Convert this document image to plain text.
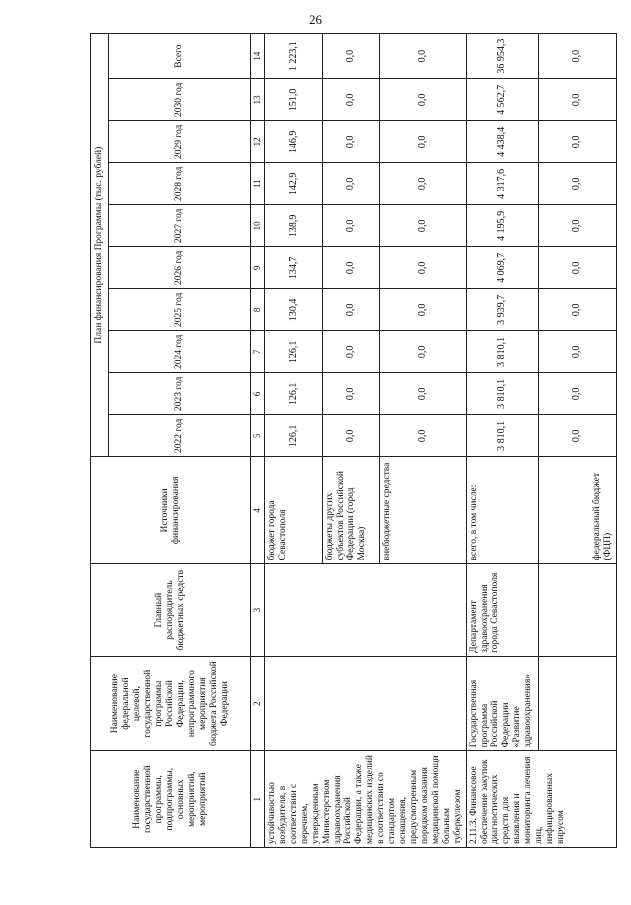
26
Наименование государственной программы, подпрограммы, основных мероприятий, мероприятий	Наименование федеральной целевой, государственной программы Российской Федерации, непрограммного мероприятия бюджета Российской Федерации	Главный распорядитель бюджетных средств	Источники финансирования	План финансирования Программы (тыс. рублей)									
				2022 год	2023 год	2024 год	2025 год	2026 год	2027 год	2028 год	2029 год	2030 год	Всего
1	2	3	4	5	6	7	8	9	10	11	12	13	14
устойчивостью возбудителя, в соответствии с перечнем, утвержденным Министерством здравоохранения Российской Федерации, а также медицинских изделий в соответствии со стандартом оснащения, предусмотренным порядком оказания медицинской помощи больным туберкулезом			бюджет города Севастополя	126,1	126,1	126,1	130,4	134,7	138,9	142,9	146,9	151,0	1 223,1
			бюджеты других субъектов Российской Федерации (город Москва)	0,0	0,0	0,0	0,0	0,0	0,0	0,0	0,0	0,0	0,0
			внебюджетные средства	0,0	0,0	0,0	0,0	0,0	0,0	0,0	0,0	0,0	0,0
2.11.3. Финансовое обеспечение закупок диагностических средств для выявления и мониторинга лечения лиц, инфицированных вирусом	Государственная программа Российской Федерации «Развитие здравоохранения»	Департамент здравоохранения города Севастополя	всего, в том числе:	3 810,1	3 810,1	3 810,1	3 939,7	4 069,7	4 195,9	4 317,6	4 438,4	4 562,7	36 954,3
			федеральный бюджет (ФЦП)	0,0	0,0	0,0	0,0	0,0	0,0	0,0	0,0	0,0	0,0
